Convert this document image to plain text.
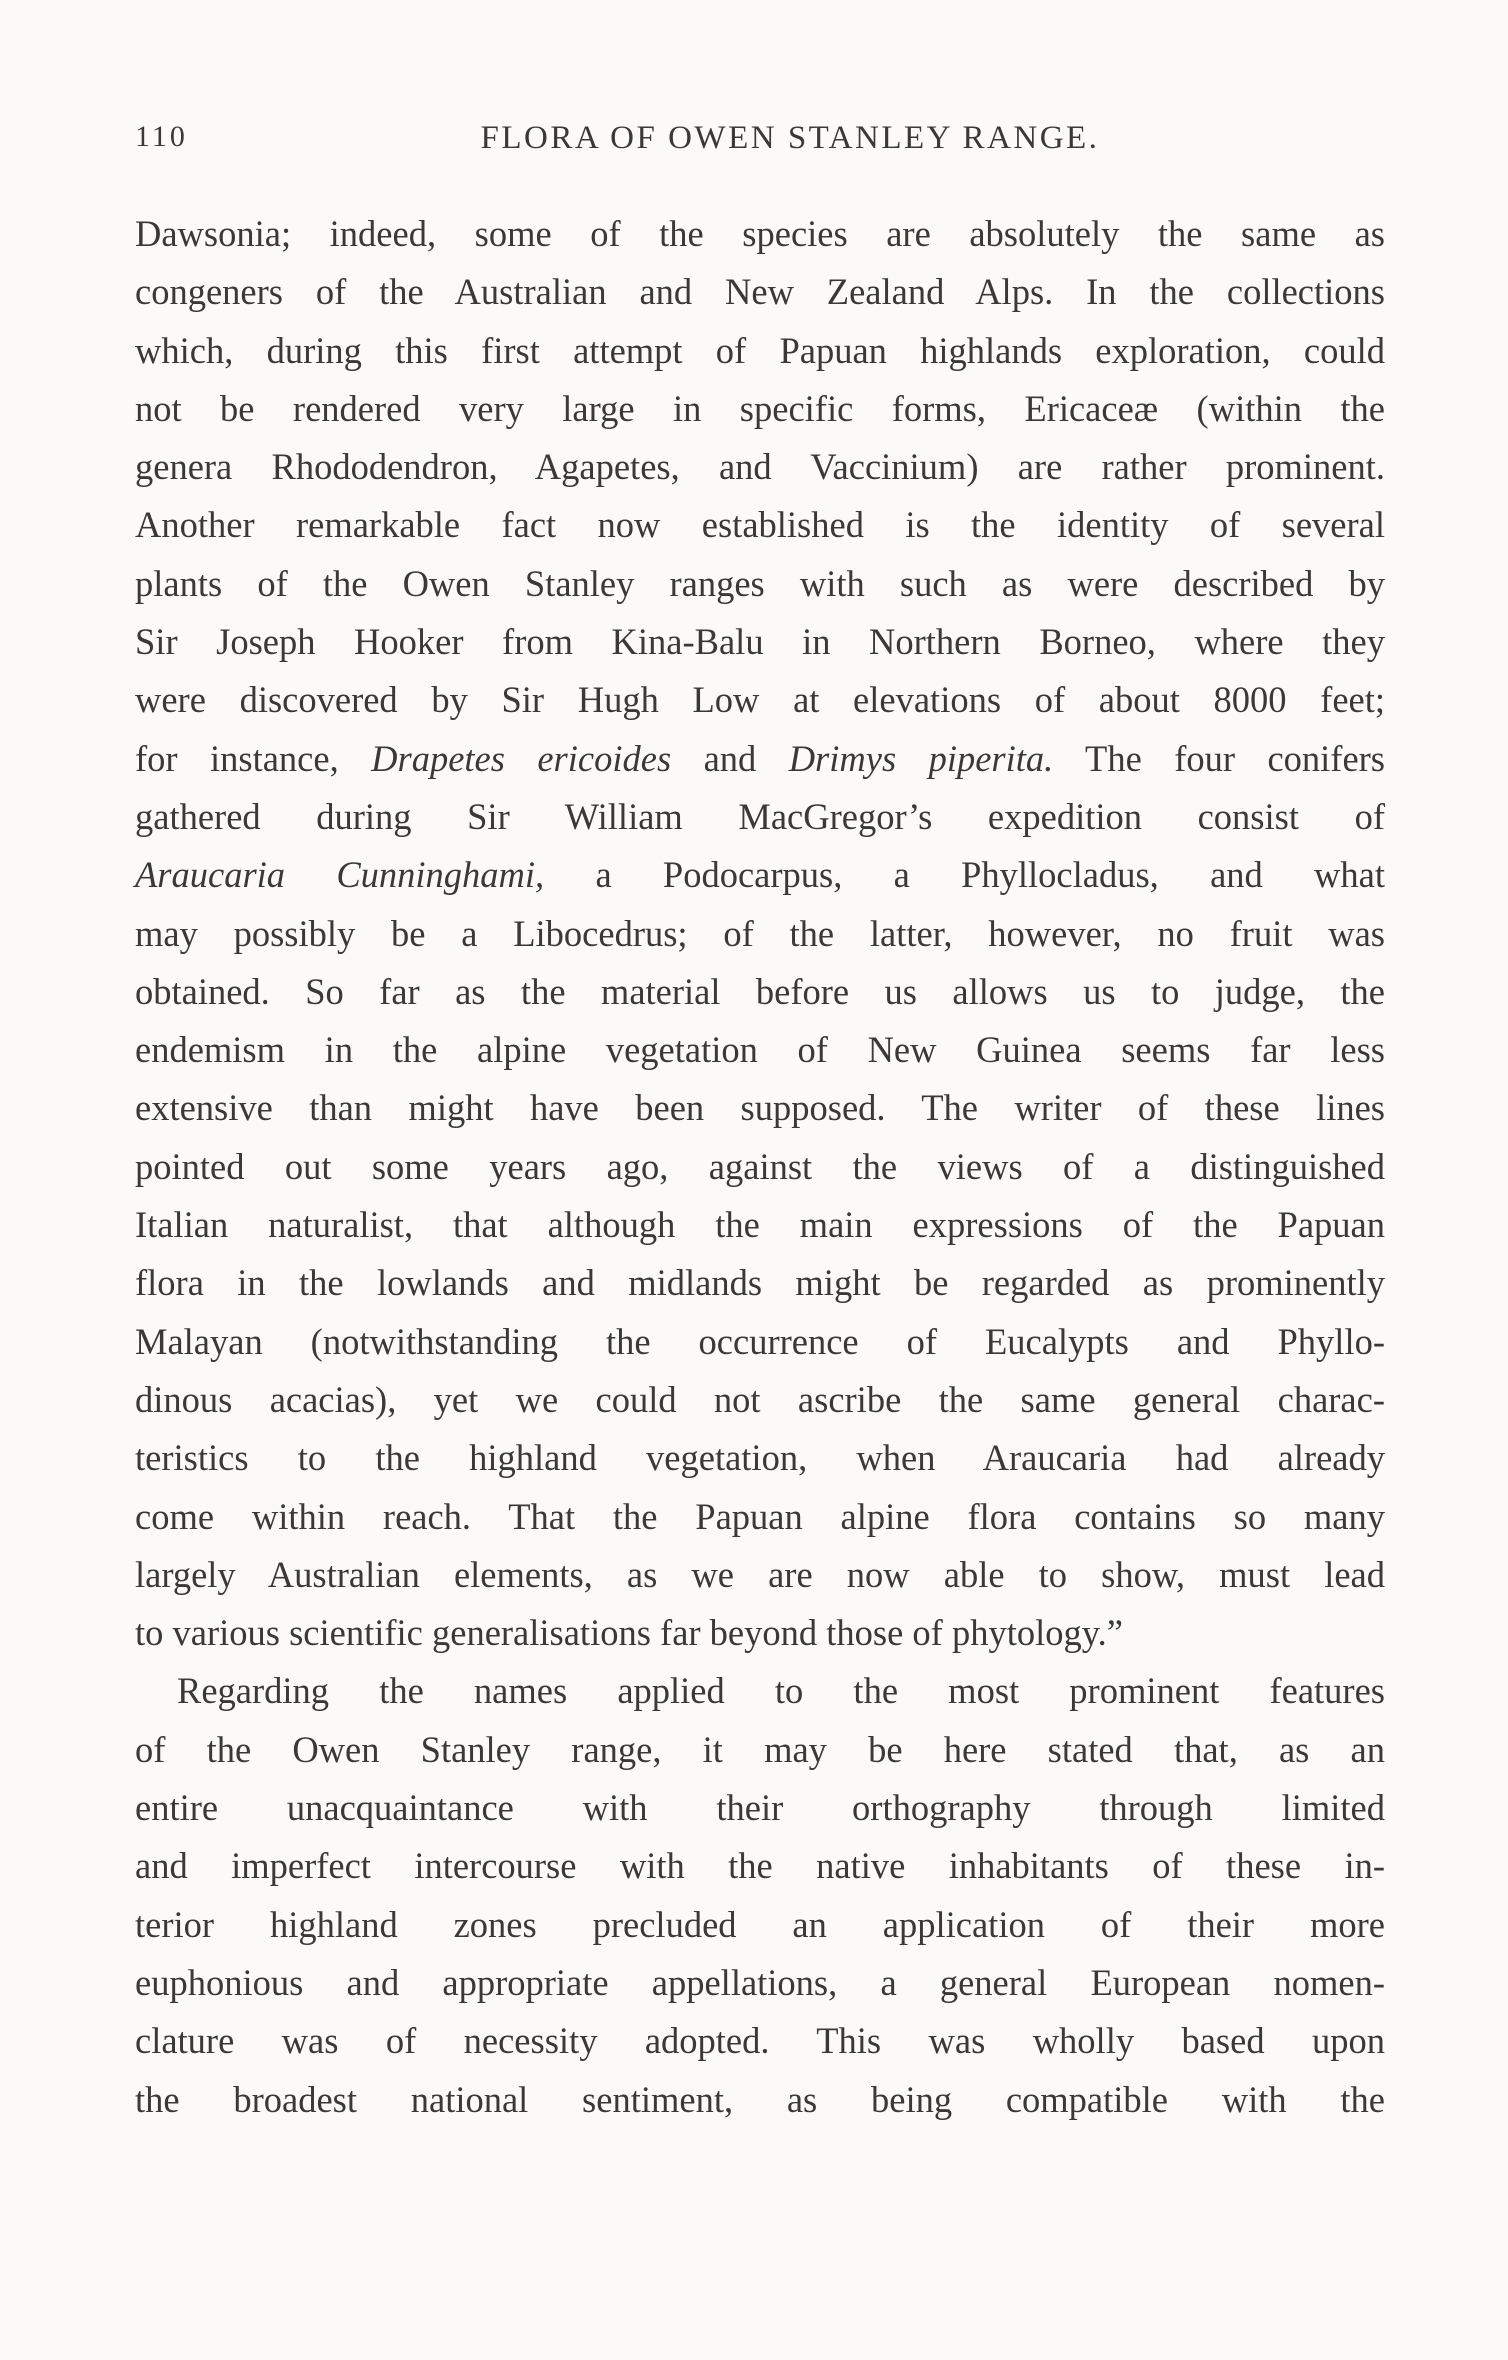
110	FLORA OF OWEN STANLEY RANGE.
Dawsonia; indeed, some of the species are absolutely the same as
congeners of the Australian and New Zealand Alps. In the collections
which, during this first attempt of Papuan highlands exploration, could
not be rendered very large in specific forms, Ericaceæ (within the
genera Rhododendron, Agapetes, and Vaccinium) are rather prominent.
Another remarkable fact now established is the identity of several
plants of the Owen Stanley ranges with such as were described by
Sir Joseph Hooker from Kina-Balu in Northern Borneo, where they
were discovered by Sir Hugh Low at elevations of about 8000 feet;
for instance, Drapetes ericoides and Drimys piperita. The four conifers
gathered during Sir William MacGregor’s expedition consist of
Araucaria Cunninghami, a Podocarpus, a Phyllocladus, and what
may possibly be a Libocedrus; of the latter, however, no fruit was
obtained. So far as the material before us allows us to judge, the
endemism in the alpine vegetation of New Guinea seems far less
extensive than might have been supposed. The writer of these lines
pointed out some years ago, against the views of a distinguished
Italian naturalist, that although the main expressions of the Papuan
flora in the lowlands and midlands might be regarded as prominently
Malayan (notwithstanding the occurrence of Eucalypts and Phyllo-
dinous acacias), yet we could not ascribe the same general charac-
teristics to the highland vegetation, when Araucaria had already
come within reach. That the Papuan alpine flora contains so many
largely Australian elements, as we are now able to show, must lead
to various scientific generalisations far beyond those of phytology.”
Regarding the names applied to the most prominent features
of the Owen Stanley range, it may be here stated that, as an
entire unacquaintance with their orthography through limited
and imperfect intercourse with the native inhabitants of these in-
terior highland zones precluded an application of their more
euphonious and appropriate appellations, a general European nomen-
clature was of necessity adopted. This was wholly based upon
the broadest national sentiment, as being compatible with the
